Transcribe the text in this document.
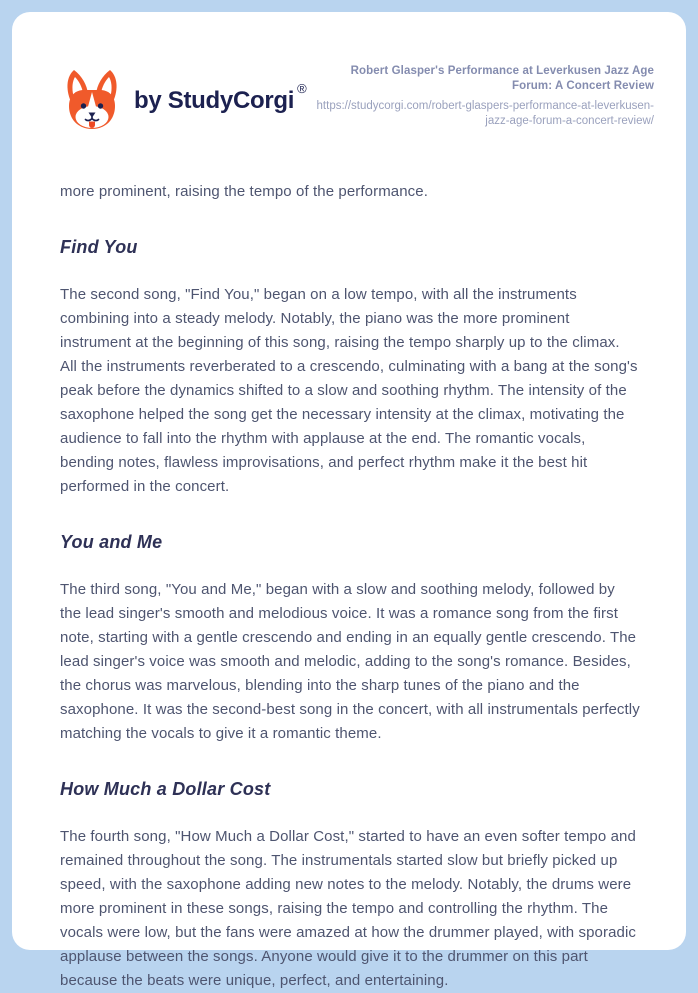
by StudyCorgi ®
Robert Glasper's Performance at Leverkusen Jazz Age Forum: A Concert Review
https://studycorgi.com/robert-glaspers-performance-at-leverkusen-jazz-age-forum-a-concert-review/

more prominent, raising the tempo of the performance.

Find You

The second song, "Find You," began on a low tempo, with all the instruments combining into a steady melody. Notably, the piano was the more prominent instrument at the beginning of this song, raising the tempo sharply up to the climax. All the instruments reverberated to a crescendo, culminating with a bang at the song's peak before the dynamics shifted to a slow and soothing rhythm. The intensity of the saxophone helped the song get the necessary intensity at the climax, motivating the audience to fall into the rhythm with applause at the end. The romantic vocals, bending notes, flawless improvisations, and perfect rhythm make it the best hit performed in the concert.

You and Me

The third song, "You and Me," began with a slow and soothing melody, followed by the lead singer's smooth and melodious voice. It was a romance song from the first note, starting with a gentle crescendo and ending in an equally gentle crescendo. The lead singer's voice was smooth and melodic, adding to the song's romance. Besides, the chorus was marvelous, blending into the sharp tunes of the piano and the saxophone. It was the second-best song in the concert, with all instrumentals perfectly matching the vocals to give it a romantic theme.

How Much a Dollar Cost

The fourth song, "How Much a Dollar Cost," started to have an even softer tempo and remained throughout the song. The instrumentals started slow but briefly picked up speed, with the saxophone adding new notes to the melody. Notably, the drums were more prominent in these songs, raising the tempo and controlling the rhythm. The vocals were low, but the fans were amazed at how the drummer played, with sporadic applause between the songs. Anyone would give it to the drummer on this part because the beats were unique, perfect, and entertaining.
